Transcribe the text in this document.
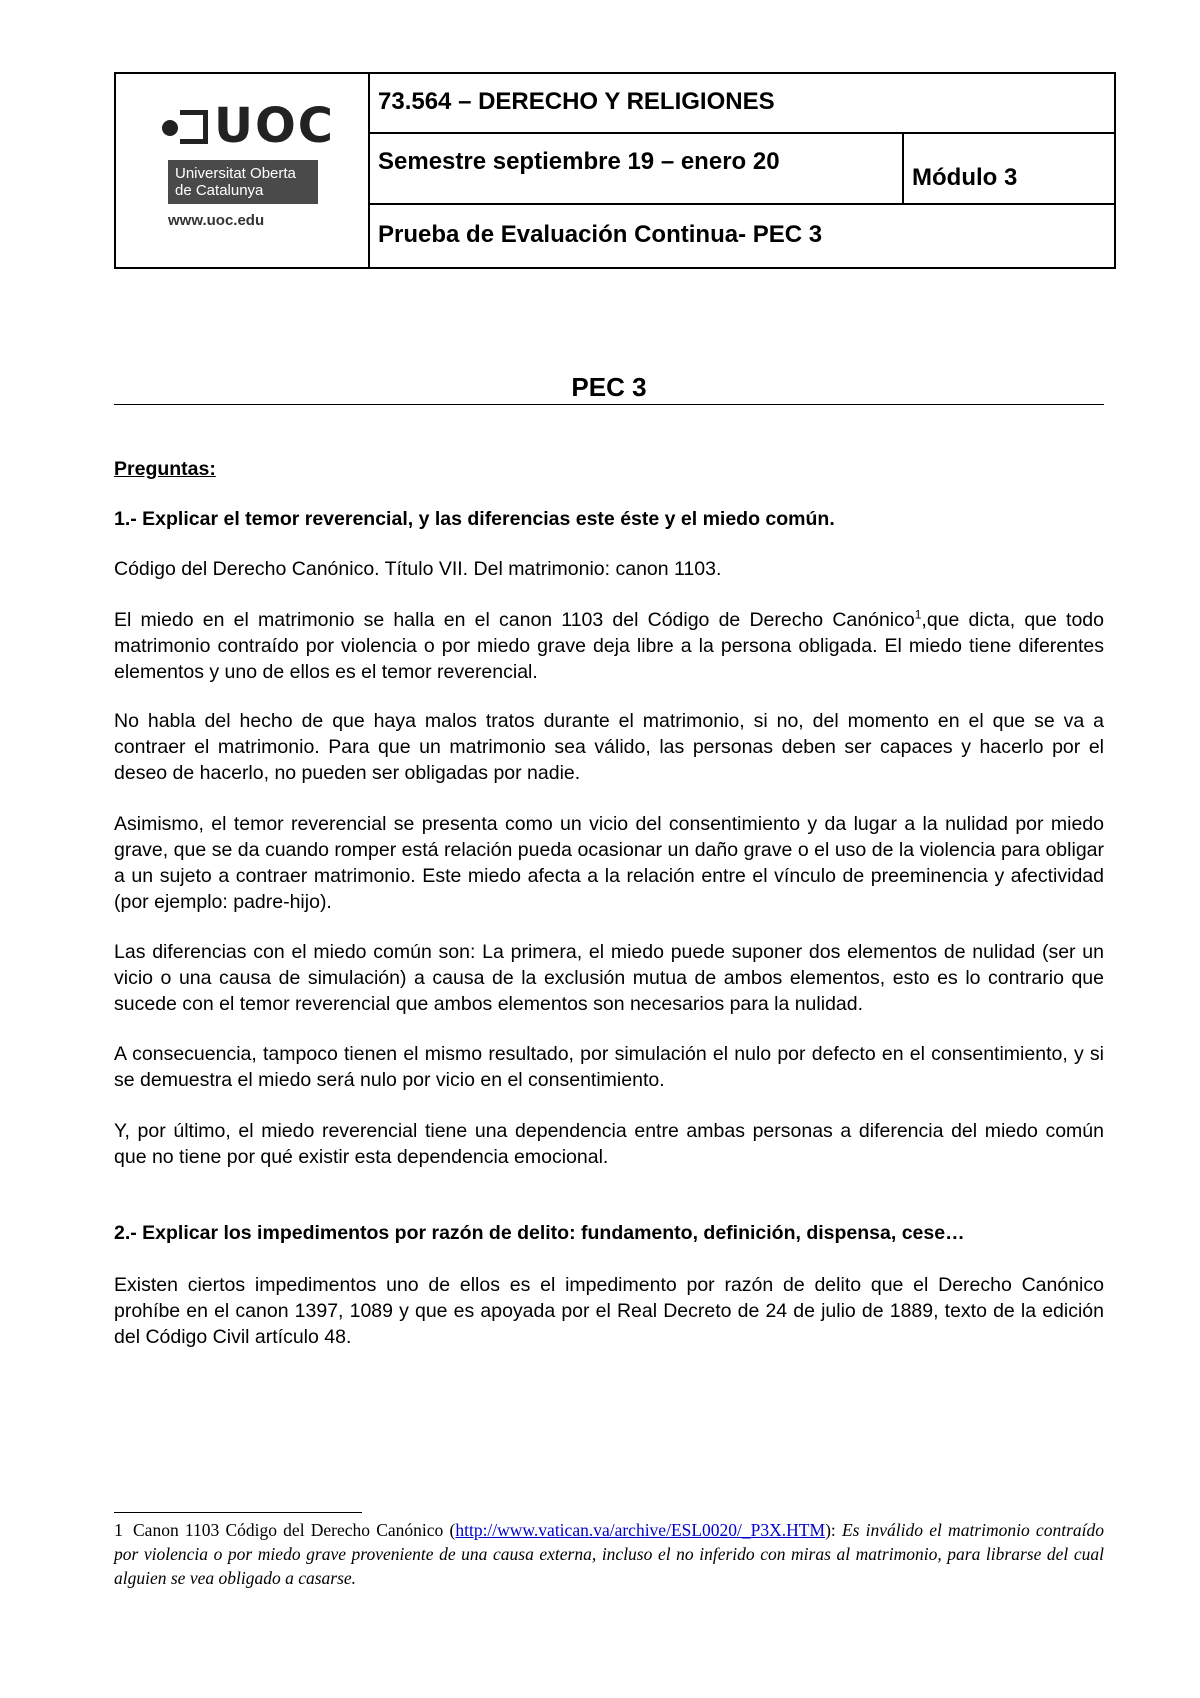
UOC
Universitat Oberta
de Catalunya
www.uoc.edu
73.564 – DERECHO Y RELIGIONES
Semestre septiembre 19 – enero 20
Módulo 3
Prueba de Evaluación Continua- PEC 3
PEC 3

Preguntas:

1.- Explicar el temor reverencial, y las diferencias este éste y el miedo común.

Código del Derecho Canónico. Título VII. Del matrimonio: canon 1103.

El miedo en el matrimonio se halla en el canon 1103 del Código de Derecho Canónico$^1$,que dicta, que todo matrimonio contraído por violencia o por miedo grave deja libre a la persona obligada. El miedo tiene diferentes elementos y uno de ellos es el temor reverencial.

No habla del hecho de que haya malos tratos durante el matrimonio, si no, del momento en el que se va a contraer el matrimonio. Para que un matrimonio sea válido, las personas deben ser capaces y hacerlo por el deseo de hacerlo, no pueden ser obligadas por nadie.

Asimismo, el temor reverencial se presenta como un vicio del consentimiento y da lugar a la nulidad por miedo grave, que se da cuando romper está relación pueda ocasionar un daño grave o el uso de la violencia para obligar a un sujeto a contraer matrimonio. Este miedo afecta a la relación entre el vínculo de preeminencia y afectividad (por ejemplo: padre-hijo).

Las diferencias con el miedo común son: La primera, el miedo puede suponer dos elementos de nulidad (ser un vicio o una causa de simulación) a causa de la exclusión mutua de ambos elementos, esto es lo contrario que sucede con el temor reverencial que ambos elementos son necesarios para la nulidad.

A consecuencia, tampoco tienen el mismo resultado, por simulación el nulo por defecto en el consentimiento, y si se demuestra el miedo será nulo por vicio en el consentimiento.

Y, por último, el miedo reverencial tiene una dependencia entre ambas personas a diferencia del miedo común que no tiene por qué existir esta dependencia emocional.

2.- Explicar los impedimentos por razón de delito: fundamento, definición, dispensa, cese…

Existen ciertos impedimentos uno de ellos es el impedimento por razón de delito que el Derecho Canónico prohíbe en el canon 1397, 1089 y que es apoyada por el Real Decreto de 24 de julio de 1889, texto de la edición del Código Civil artículo 48.

1 Canon 1103 Código del Derecho Canónico (http://www.vatican.va/archive/ESL0020/_P3X.HTM): Es inválido el matrimonio contraído por violencia o por miedo grave proveniente de una causa externa, incluso el no inferido con miras al matrimonio, para librarse del cual alguien se vea obligado a casarse.
